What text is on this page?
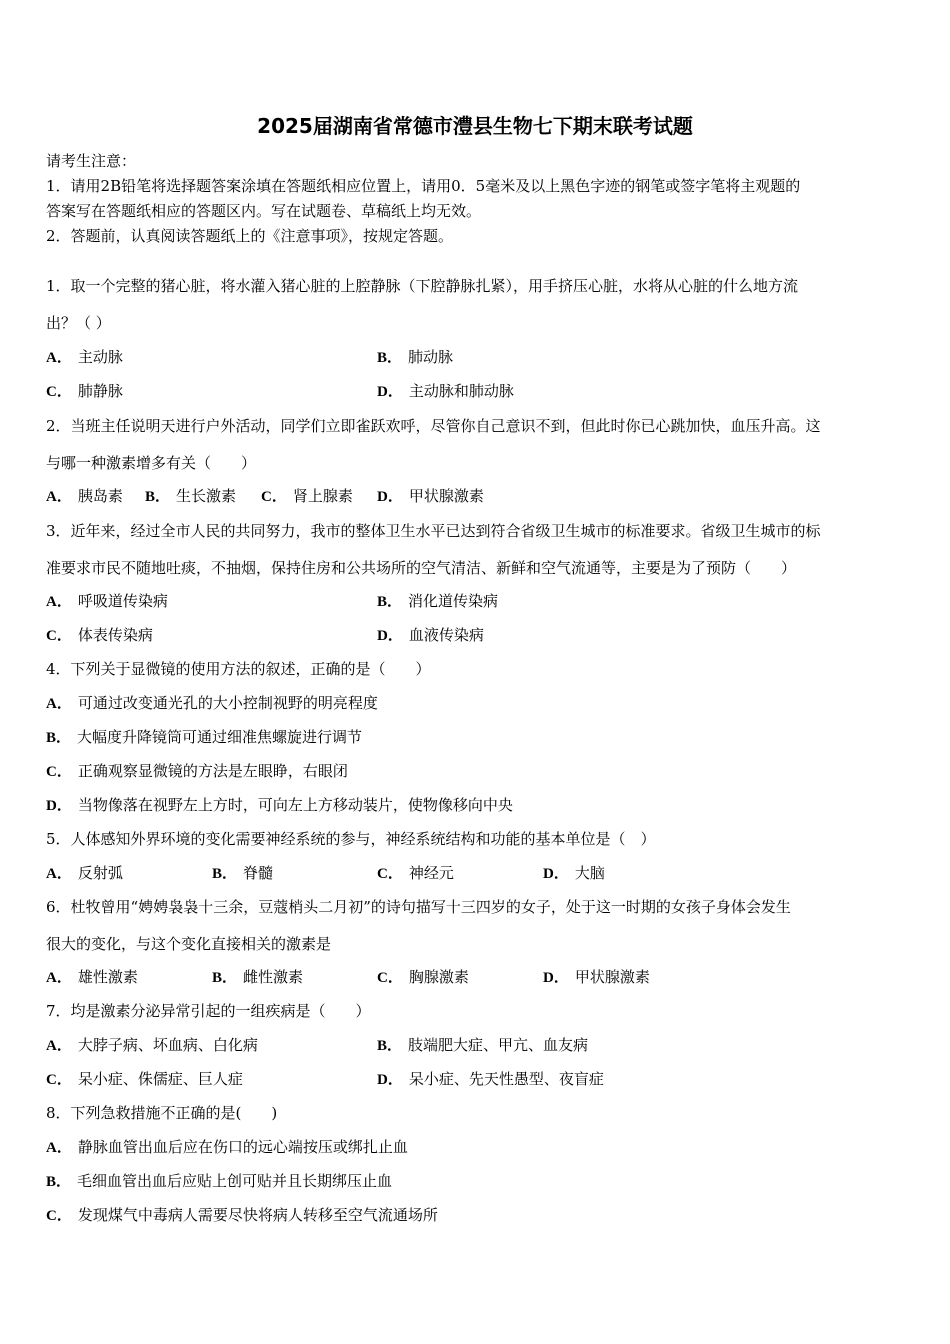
2025届湖南省常德市澧县生物七下期末联考试题
请考生注意：
1．请用2B铅笔将选择题答案涂填在答题纸相应位置上，请用0．5毫米及以上黑色字迹的钢笔或签字笔将主观题的
答案写在答题纸相应的答题区内。写在试题卷、草稿纸上均无效。
2．答题前，认真阅读答题纸上的《注意事项》，按规定答题。
1．取一个完整的猪心脏，将水灌入猪心脏的上腔静脉（下腔静脉扎紧），用手挤压心脏，水将从心脏的什么地方流
出？（ ）
A． 主动脉	B． 肺动脉
C． 肺静脉	D． 主动脉和肺动脉
2．当班主任说明天进行户外活动，同学们立即雀跃欢呼，尽管你自己意识不到，但此时你已心跳加快，血压升高。这
与哪一种激素增多有关（　　）
A． 胰岛素 B． 生长激素 C． 肾上腺素 D． 甲状腺激素
3．近年来，经过全市人民的共同努力，我市的整体卫生水平已达到符合省级卫生城市的标准要求。省级卫生城市的标
准要求市民不随地吐痰，不抽烟，保持住房和公共场所的空气清洁、新鲜和空气流通等，主要是为了预防（　　）
A． 呼吸道传染病	B． 消化道传染病
C． 体表传染病	D． 血液传染病
4．下列关于显微镜的使用方法的叙述，正确的是（　　）
A． 可通过改变通光孔的大小控制视野的明亮程度
B． 大幅度升降镜筒可通过细准焦螺旋进行调节
C． 正确观察显微镜的方法是左眼睁，右眼闭
D． 当物像落在视野左上方时，可向左上方移动装片，使物像移向中央
5．人体感知外界环境的变化需要神经系统的参与，神经系统结构和功能的基本单位是（　）
A． 反射弧	B． 脊髓	C． 神经元	D． 大脑
6．杜牧曾用“娉娉袅袅十三余，豆蔻梢头二月初”的诗句描写十三四岁的女子，处于这一时期的女孩子身体会发生
很大的变化，与这个变化直接相关的激素是
A． 雄性激素	B． 雌性激素	C． 胸腺激素	D． 甲状腺激素
7．均是激素分泌异常引起的一组疾病是（　　）
A． 大脖子病、坏血病、白化病	B． 肢端肥大症、甲亢、血友病
C． 呆小症、侏儒症、巨人症	D． 呆小症、先天性愚型、夜盲症
8．下列急救措施不正确的是(　　)
A． 静脉血管出血后应在伤口的远心端按压或绑扎止血
B． 毛细血管出血后应贴上创可贴并且长期绑压止血
C． 发现煤气中毒病人需要尽快将病人转移至空气流通场所
